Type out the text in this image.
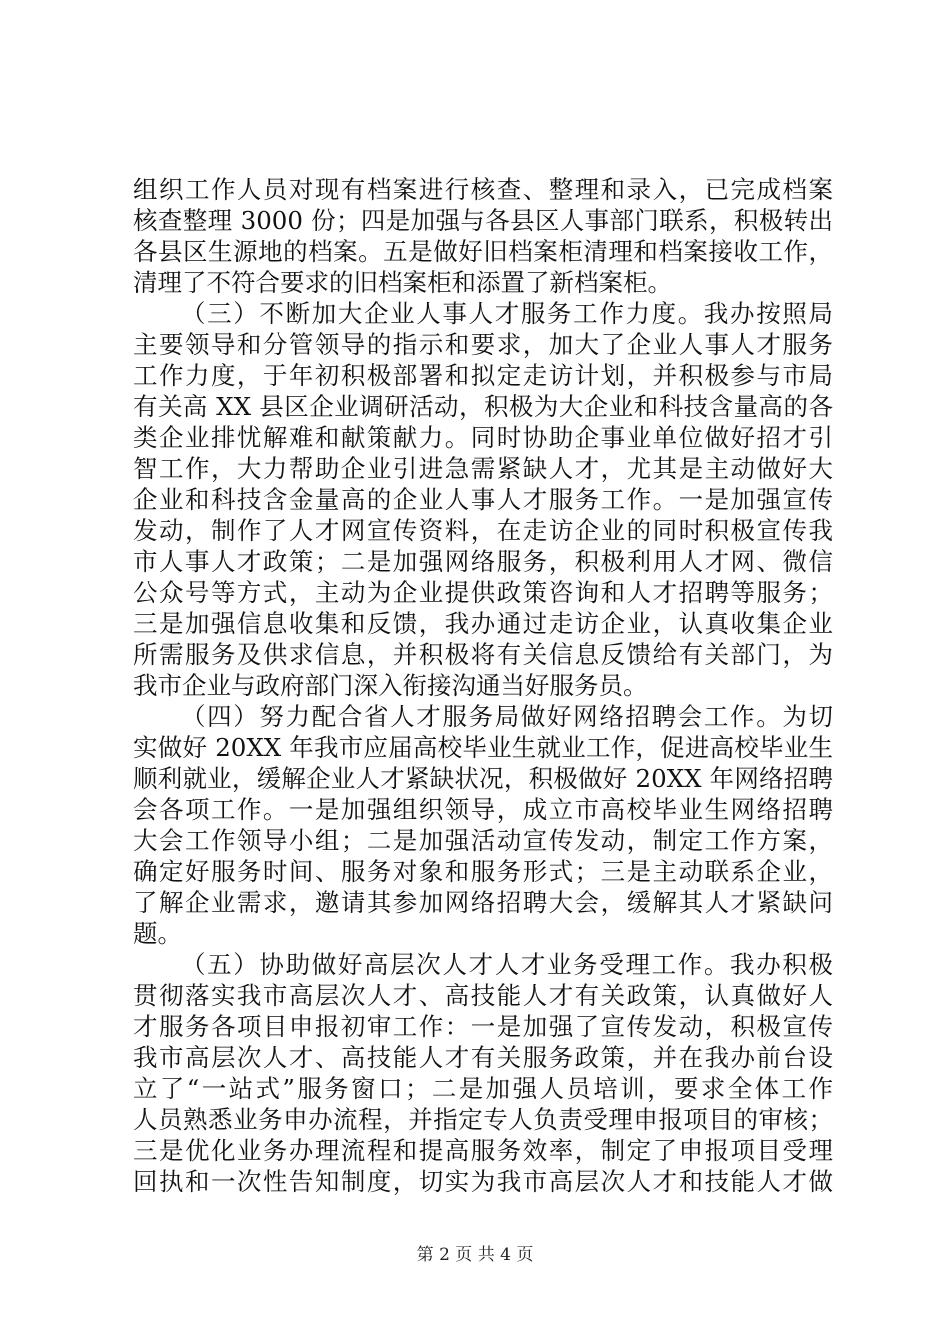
组织工作人员对现有档案进行核查、整理和录入，已完成档案
核查整理 3000 份；四是加强与各县区人事部门联系，积极转出
各县区生源地的档案。五是做好旧档案柜清理和档案接收工作，
清理了不符合要求的旧档案柜和添置了新档案柜。
（三）不断加大企业人事人才服务工作力度。我办按照局
主要领导和分管领导的指示和要求，加大了企业人事人才服务
工作力度，于年初积极部署和拟定走访计划，并积极参与市局
有关高 XX 县区企业调研活动，积极为大企业和科技含量高的各
类企业排忧解难和献策献力。同时协助企事业单位做好招才引
智工作，大力帮助企业引进急需紧缺人才，尤其是主动做好大
企业和科技含金量高的企业人事人才服务工作。一是加强宣传
发动，制作了人才网宣传资料，在走访企业的同时积极宣传我
市人事人才政策；二是加强网络服务，积极利用人才网、微信
公众号等方式，主动为企业提供政策咨询和人才招聘等服务；
三是加强信息收集和反馈，我办通过走访企业，认真收集企业
所需服务及供求信息，并积极将有关信息反馈给有关部门，为
我市企业与政府部门深入衔接沟通当好服务员。
（四）努力配合省人才服务局做好网络招聘会工作。为切
实做好 20XX 年我市应届高校毕业生就业工作，促进高校毕业生
顺利就业，缓解企业人才紧缺状况，积极做好 20XX 年网络招聘
会各项工作。一是加强组织领导，成立市高校毕业生网络招聘
大会工作领导小组；二是加强活动宣传发动，制定工作方案，
确定好服务时间、服务对象和服务形式；三是主动联系企业，
了解企业需求，邀请其参加网络招聘大会，缓解其人才紧缺问
题。
（五）协助做好高层次人才人才业务受理工作。我办积极
贯彻落实我市高层次人才、高技能人才有关政策，认真做好人
才服务各项目申报初审工作：一是加强了宣传发动，积极宣传
我市高层次人才、高技能人才有关服务政策，并在我办前台设
立了“一站式”服务窗口；二是加强人员培训，要求全体工作
人员熟悉业务申办流程，并指定专人负责受理申报项目的审核；
三是优化业务办理流程和提高服务效率，制定了申报项目受理
回执和一次性告知制度，切实为我市高层次人才和技能人才做
第 2 页 共 4 页
